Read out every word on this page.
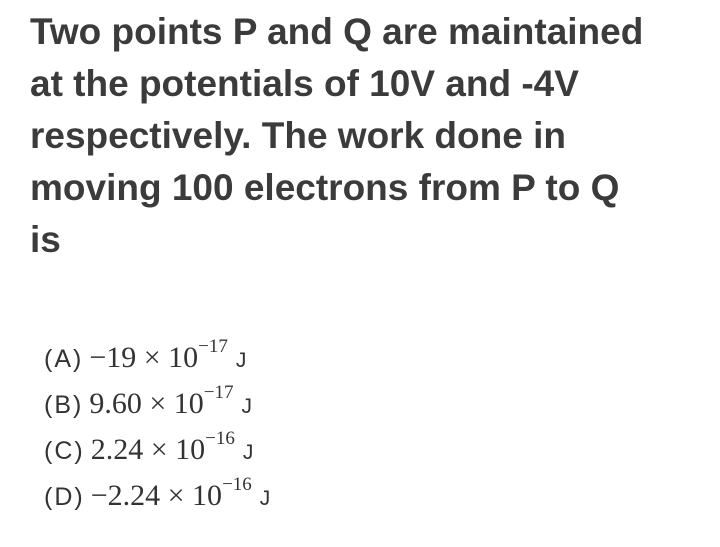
Two points P and Q are maintained
at the potentials of 10V and -4V
respectively. The work done in
moving 100 electrons from P to Q
is
$(A) -19 \times 10^{-17}$
J
(B) $9.60 \times 10^{-17}$
J
(C) $2.24 \times 10^{-16}$
J
$(D) -2.24 \times 10^{-16}$
J
